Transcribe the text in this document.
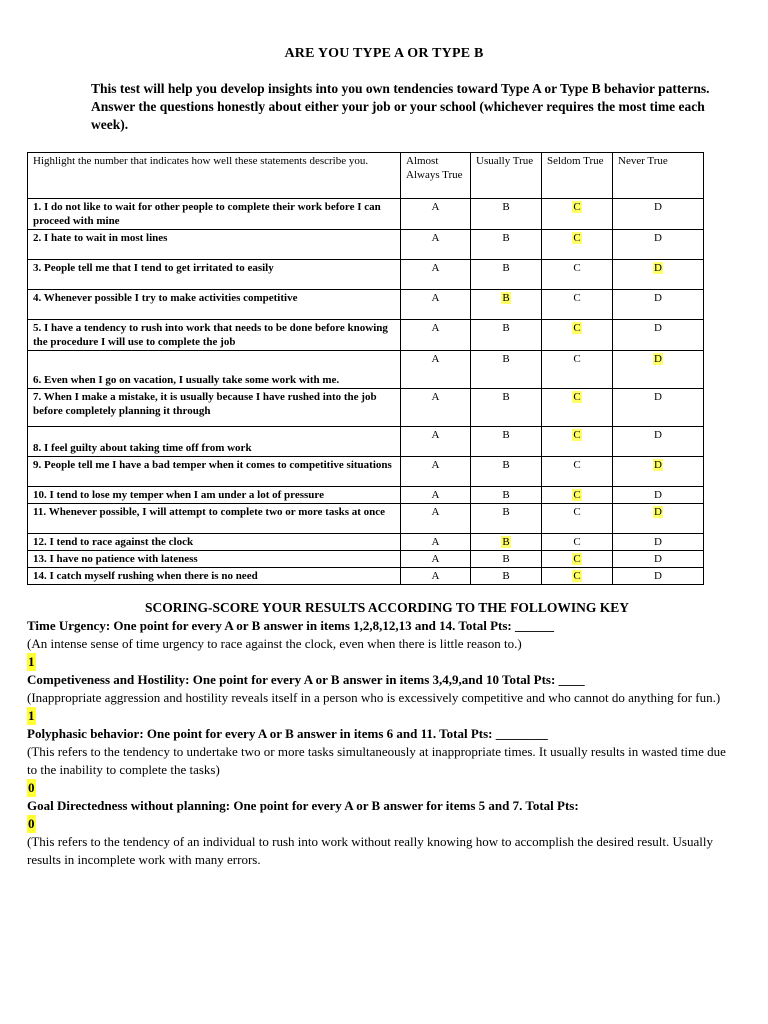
ARE YOU TYPE A OR TYPE B
This test will help you develop insights into you own tendencies toward Type A or Type B behavior patterns. Answer the questions honestly about either your job or your school (whichever requires the most time each week).
Highlight the number that indicates how well these statements describe you.	Almost Always True	Usually True	Seldom True	Never True
1. I do not like to wait for other people to complete their work before I can proceed with mine	A	B	C	D
2. I hate to wait in most lines	A	B	C	D
3. People tell me that I tend to get irritated to easily	A	B	C	D
4. Whenever possible I try to make activities competitive	A	B	C	D
5. I have a tendency to rush into work that needs to be done before knowing the procedure I will use to complete the job	A	B	C	D
6. Even when I go on vacation, I usually take some work with me.	A	B	C	D
7. When I make a mistake, it is usually because I have rushed into the job before completely planning it through	A	B	C	D
8. I feel guilty about taking time off from work	A	B	C	D
9. People tell me I have a bad temper when it comes to competitive situations	A	B	C	D
10. I tend to lose my temper when I am under a lot of pressure	A	B	C	D
11. Whenever possible, I will attempt to complete two or more tasks at once	A	B	C	D
12. I tend to race against the clock	A	B	C	D
13. I have no patience with lateness	A	B	C	D
14. I catch myself rushing when there is no need	A	B	C	D
SCORING-SCORE YOUR RESULTS ACCORDING TO THE FOLLOWING KEY
Time Urgency: One point for every A or B answer in items 1,2,8,12,13 and 14. Total Pts: ______
(An intense sense of time urgency to race against the clock, even when there is little reason to.)
1
Competiveness and Hostility: One point for every A or B answer in items 3,4,9,and 10 Total Pts: ____
(Inappropriate aggression and hostility reveals itself in a person who is excessively competitive and who cannot do anything for fun.)
1
Polyphasic behavior: One point for every A or B answer in items 6 and 11. Total Pts: ________
(This refers to the tendency to undertake two or more tasks simultaneously at inappropriate times. It usually results in wasted time due to the inability to complete the tasks)
0
Goal Directedness without planning: One point for every A or B answer for items 5 and 7. Total Pts:
0
(This refers to the tendency of an individual to rush into work without really knowing how to accomplish the desired result. Usually results in incomplete work with many errors.
